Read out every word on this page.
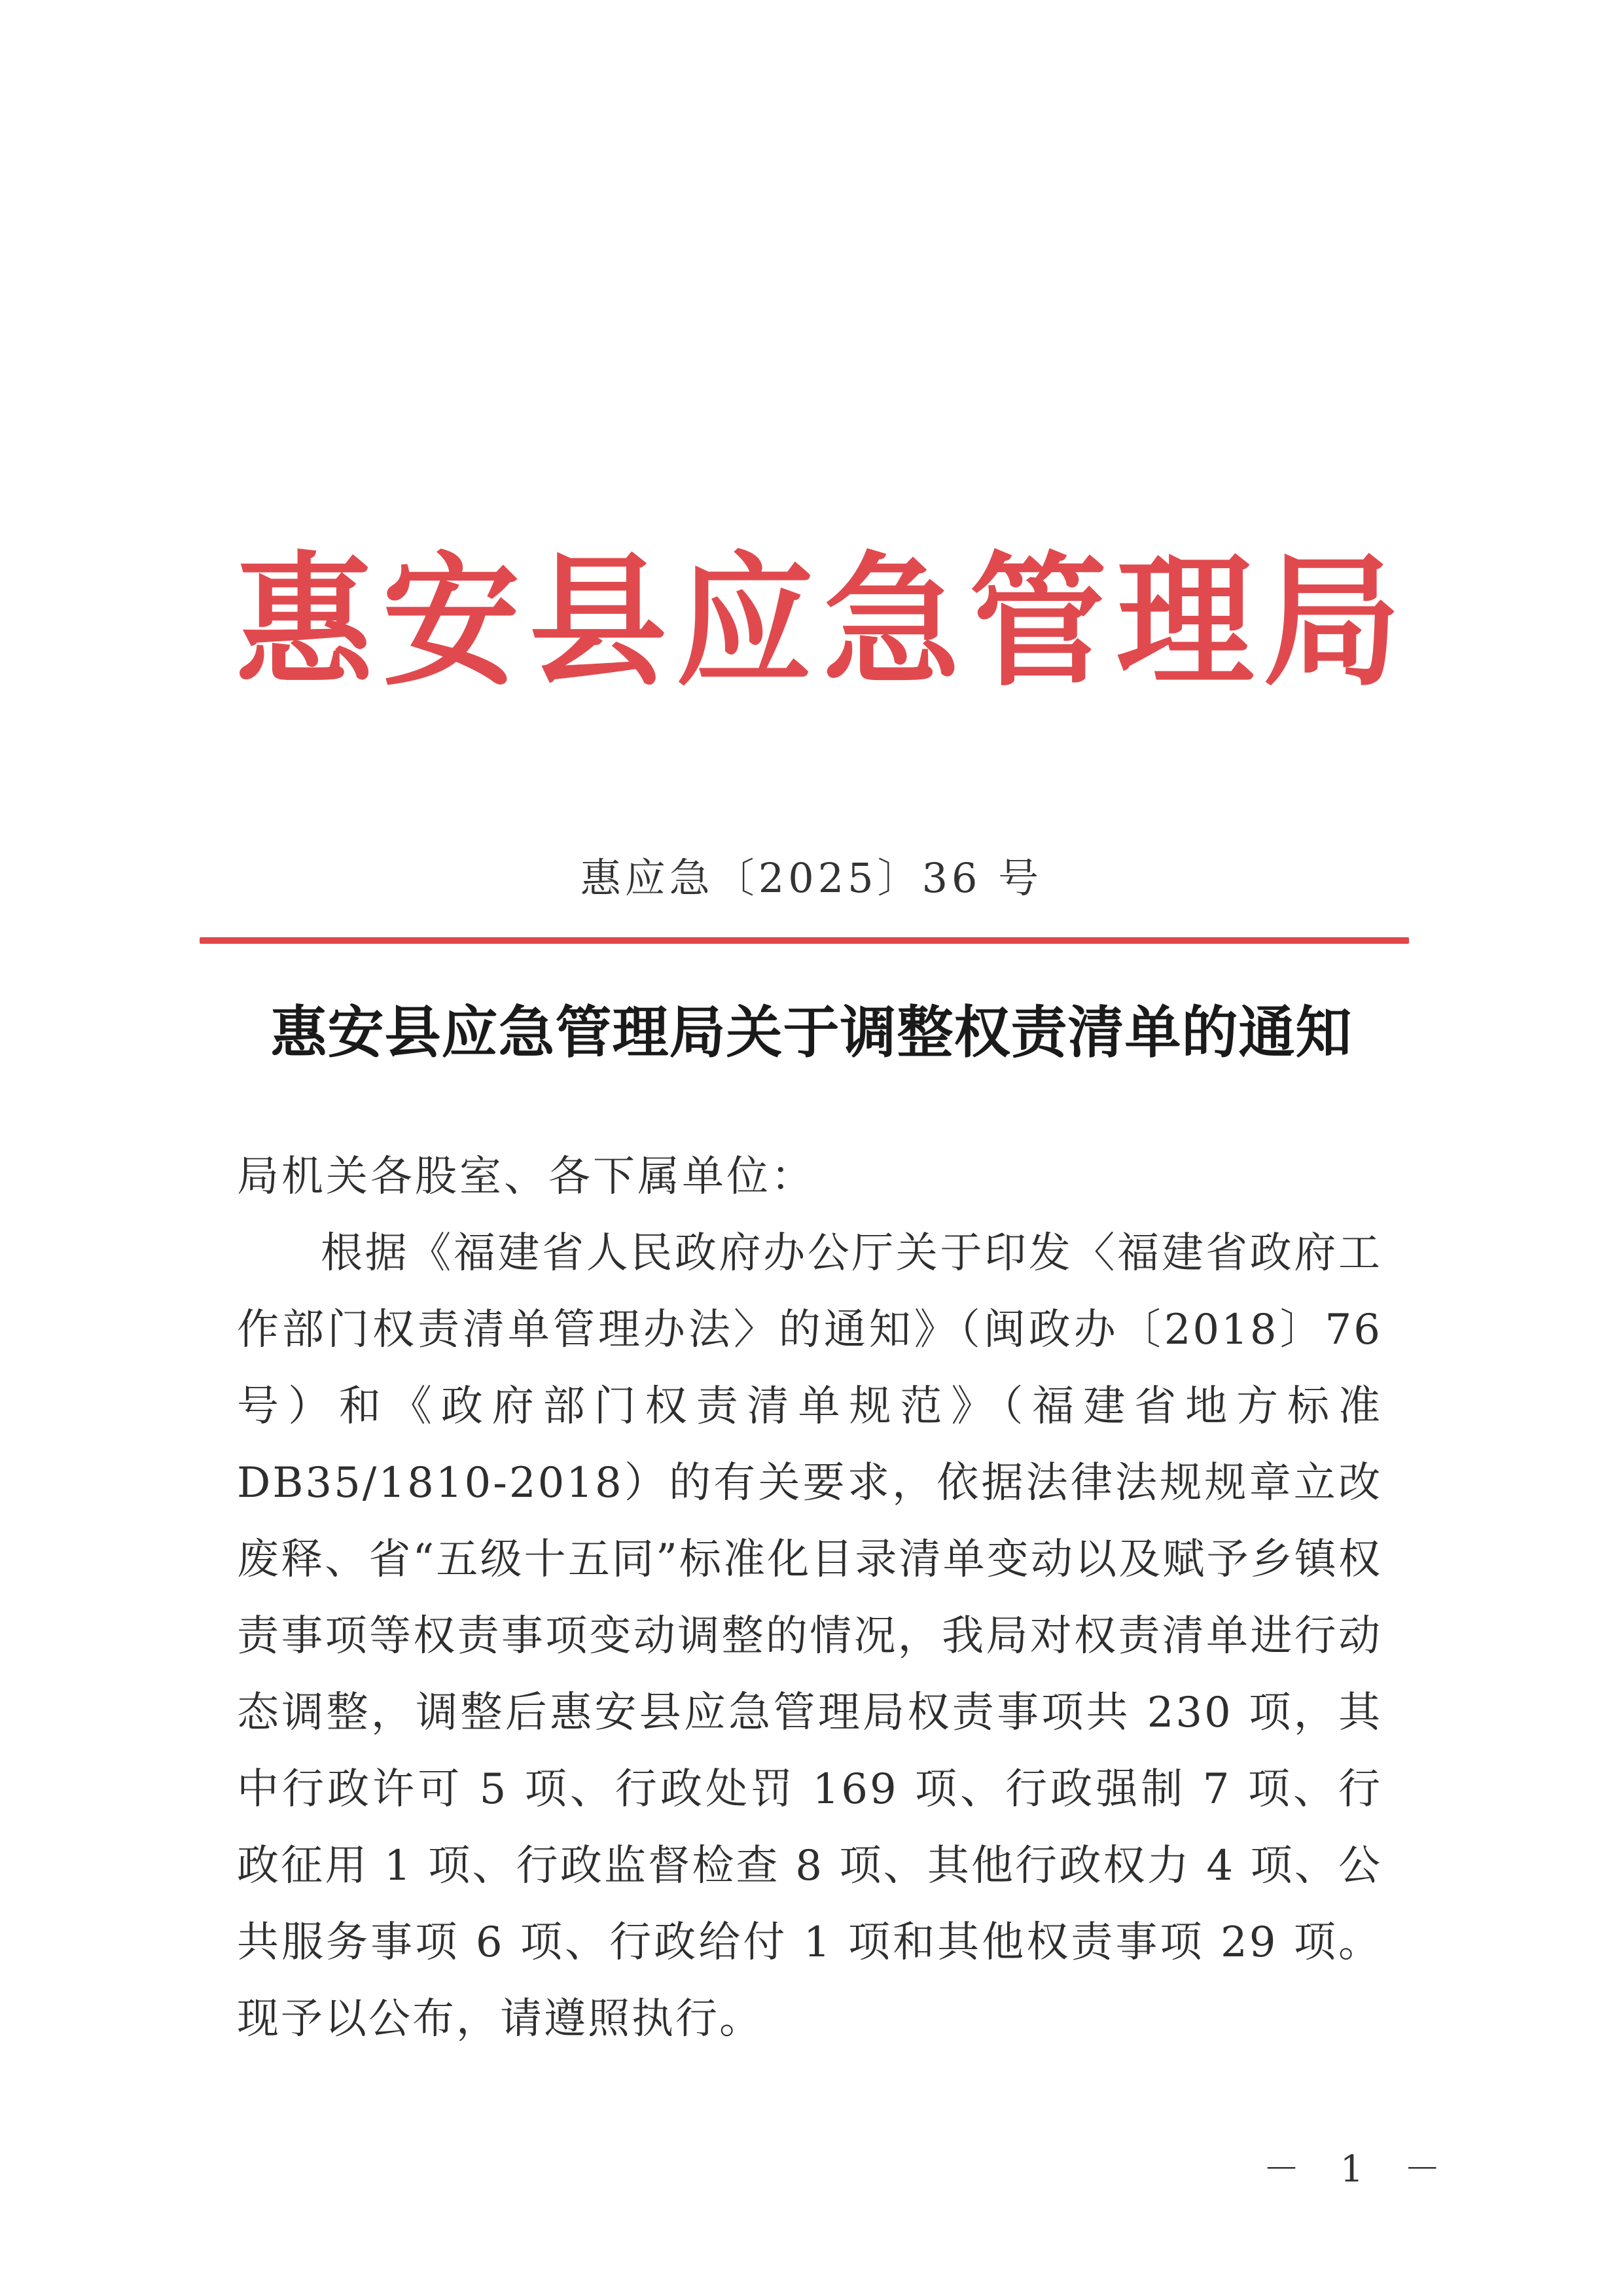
惠 安 县 应 急 管 理 局
惠应急〔2025〕36 号
惠安县应急管理局关于调整权责清单的通知

局机关各股室、各下属单位：

根据《福建省人民政府办公厅关于印发〈福建省政府工作部门权责清单管理办法〉的通知》（闽政办〔2018〕76 号）和《政府部门权责清单规范》（福建省地方标准 DB35/1810-2018）的有关要求，依据法律法规规章立改废释、省“五级十五同”标准化目录清单变动以及赋予乡镇权责事项等权责事项变动调整的情况，我局对权责清单进行动态调整，调整后惠安县应急管理局权责事项共 230 项，其中行政许可 5 项、行政处罚 169 项、行政强制 7 项、行政征用 1 项、行政监督检查 8 项、其他行政权力 4 项、公共服务事项 6 项、行政给付 1 项和其他权责事项 29 项。现予以公布，请遵照执行。

－ 1 －
